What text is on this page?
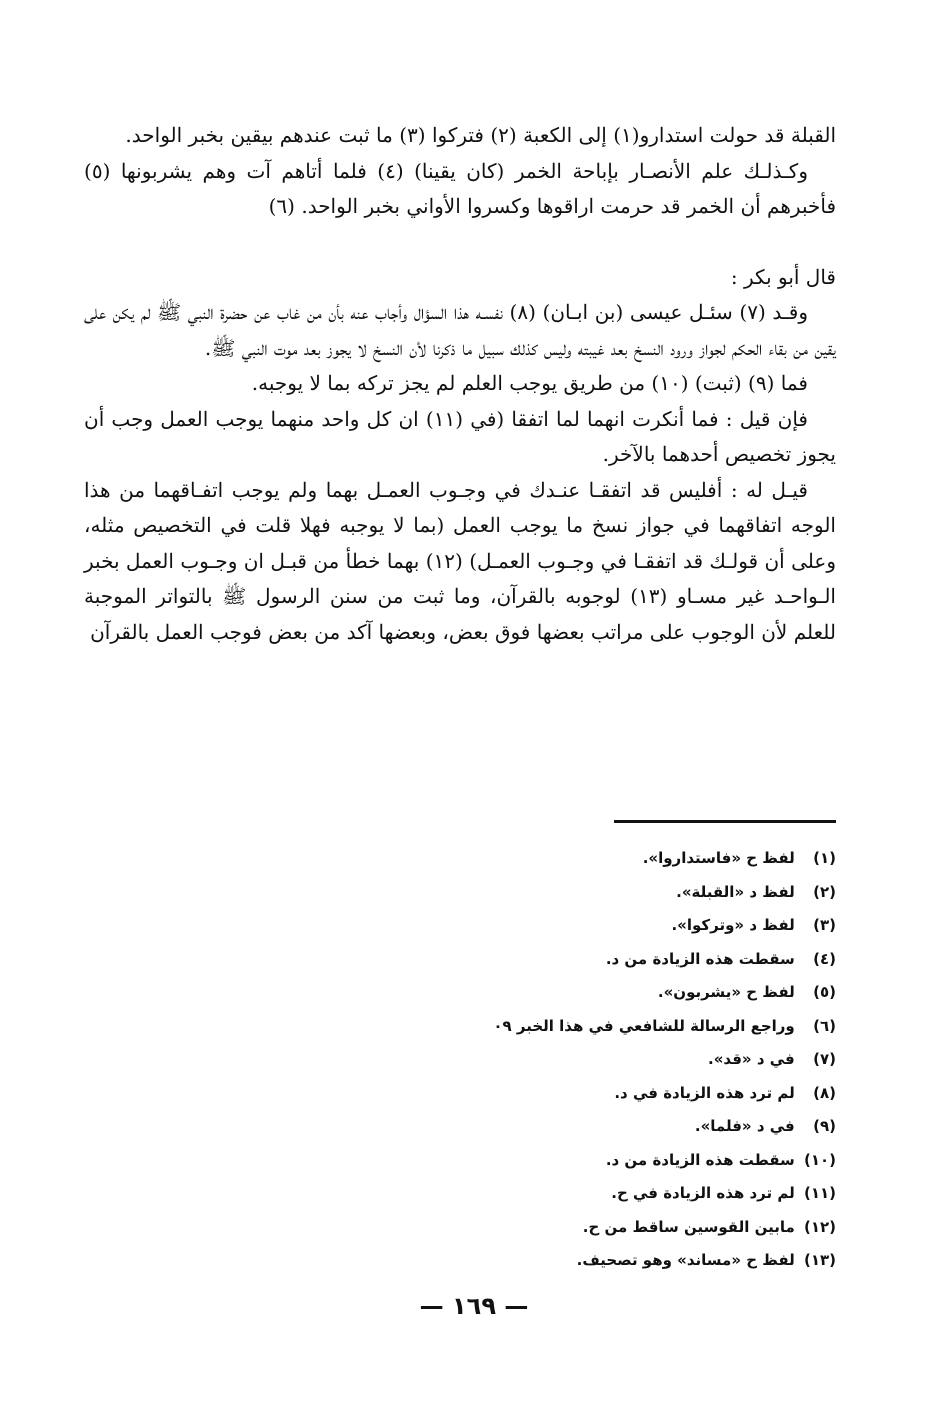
القبلة قد حولت استدارو(١) إلى الكعبة (٢) فتركوا (٣) ما ثبت عندهم بيقين بخبر الواحد.

وكـذلـك علم الأنصـار بإباحة الخمر (كان يقينا) (٤) فلما أتاهم آت وهم يشربونها (٥) فأخبرهم أن الخمر قد حرمت اراقوها وكسروا الأواني بخبر الواحد. (٦)

قال أبو بكر :

وقـد (٧) سئـل عيسى (بن ابـان) (٨) نفسـه هذا السؤال وأجاب عنه بأن من غاب عن حضرة النبي ﷺ لم يكن على يقين من بقاء الحكم لجواز ورود النسخ بعد غيبته وليس كذلك سبيل ما ذكرنا لأن النسخ لا يجوز بعد موت النبي ﷺ.

فما (٩) (ثبت) (١٠) من طريق يوجب العلم لم يجز تركه بما لا يوجبه.

فإن قيل : فما أنكرت انهما لما اتفقا (في (١١) ان كل واحد منهما يوجب العمل وجب أن يجوز تخصيص أحدهما بالآخر.

قيـل له : أفليس قد اتفقـا عنـدك في وجـوب العمـل بهما ولم يوجب اتفـاقهما من هذا الوجه اتفاقهما في جواز نسخ ما يوجب العمل (بما لا يوجبه فهلا قلت في التخصيص مثله، وعلى أن قولـك قد اتفقـا في وجـوب العمـل) (١٢) بهما خطأ من قبـل ان وجـوب العمل بخبر الـواحـد غير مسـاو (١٣) لوجوبه بالقرآن، وما ثبت من سنن الرسول ﷺ بالتواتر الموجبة للعلم لأن الوجوب على مراتب بعضها فوق بعض، وبعضها آكد من بعض فوجب العمل بالقرآن

(١) لفظ ح «فاستداروا».
(٢) لفظ د «القبلة».
(٣) لفظ د «وتركوا».
(٤) سقطت هذه الزيادة من د.
(٥) لفظ ح «يشربون».
(٦) وراجع الرسالة للشافعي في هذا الخبر ٠٩
(٧) في د «قد».
(٨) لم ترد هذه الزيادة في د.
(٩) في د «فلما».
(١٠) سقطت هذه الزيادة من د.
(١١) لم ترد هذه الزيادة في ح.
(١٢) مابين القوسين ساقط من ح.
(١٣) لفظ ح «مساند» وهو تصحيف.
— ١٦٩ —
